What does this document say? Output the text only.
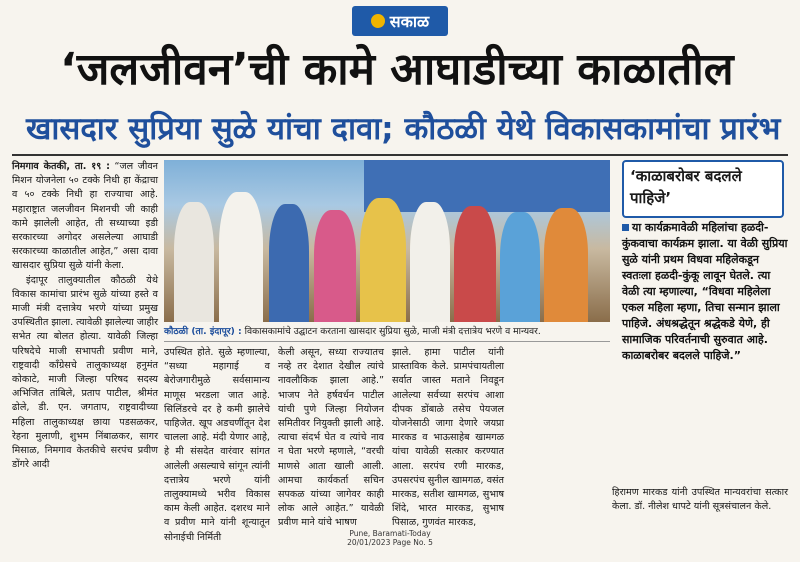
सकाळ
‘जलजीवन’ची कामे आघाडीच्या काळातील
खासदार सुप्रिया सुळे यांचा दावा; कौठळी येथे विकासकामांचा प्रारंभ

निमगाव केतकी, ता. १९ : “जल जीवन मिशन योजनेला ५० टक्के निधी हा केंद्राचा व ५० टक्के निधी हा राज्याचा आहे. महाराष्ट्रात जलजीवन मिशनची जी काही कामे झालेली आहेत, ती सध्याच्या इडी सरकारच्या अगोदर असलेल्या आघाडी सरकारच्या काळातील आहेत,” असा दावा खासदार सुप्रिया सुळे यांनी केला.

इंदापूर तालुक्यातील कौठळी येथे विकास कामांचा प्रारंभ सुळे यांच्या हस्ते व माजी मंत्री दत्तात्रेय भरणे यांच्या प्रमुख उपस्थितीत झाला. त्यावेळी झालेल्या जाहीर सभेत त्या बोलत होत्या. यावेळी जिल्हा परिषदेचे माजी सभापती प्रवीण माने, राष्ट्रवादी काँग्रेसचे तालुकाध्यक्ष हनुमंत कोकाटे, माजी जिल्हा परिषद सदस्य अभिजित तांबिले, प्रताप पाटील, श्रीमंत ढोले, डी. एन. जगताप, राष्ट्रवादीच्या महिला तालुकाध्यक्ष छाया पडसळकर, रेहना मुलाणी, शुभम निंबाळकर, सागर मिसाळ, निमगाव केतकीचे सरपंच प्रवीण डोंगरे आदी

कौठळी (ता. इंदापूर) : विकासकामांचे उद्घाटन करताना खासदार सुप्रिया सुळे, माजी मंत्री दत्तात्रेय भरणे व मान्यवर.

उपस्थित होते. सुळे म्हणाल्या, “सध्या महागाई व बेरोजगारीमुळे सर्वसामान्य माणूस भरडला जात आहे. सिलिंडरचे दर हे कमी झालेचे पाहिजेत. खूप अडचणींतून देश चालला आहे. मंदी येणार आहे, हे मी संसदेत वारंवार सांगत आलेली असल्याचे सांगून त्यांनी दत्तात्रेय भरणे यांनी तालुक्यामध्ये भरीव विकास काम केली आहेत. दशरथ माने व प्रवीण माने यांनी शून्यातून सोनाईची निर्मिती

केली असून, सध्या राज्यातच नव्हे तर देशात देखील त्यांचे नावलौकिक झाला आहे.” भाजप नेते हर्षवर्धन पाटील यांची पुणे जिल्हा नियोजन समितीवर नियुक्ती झाली आहे. त्याचा संदर्भ घेत व त्यांचे नाव न घेता भरणे म्हणाले, “वरची माणसे आता खाली आली. आमचा कार्यकर्ता सचिन सपकळ यांच्या जागेवर काही लोक आले आहेत.” यावेळी प्रवीण माने यांचे भाषण

झाले. हामा पाटील यांनी प्रास्ताविक केले. प्रामपंचायतीला सर्वात जास्त मताने निवडून आलेल्या सर्वच्या सरपंच आशा दीपक डोंबाळे तसेच पेयजल योजनेसाठी जागा देणारे जयप्रा मारकड व भाऊसाहेब खामगळ यांचा यावेळी सत्कार करण्यात आला. सरपंच रणी मारकड, उपसरपंच सुनील खामगळ, वसंत मारकड, सतीश खामगळ, सुभाष शिंदे, भारत मारकड, सुभाष पिसाळ, गुणवंत मारकड,

‘काळाबरोबर बदलले पाहिजे’
या कार्यक्रमावेळी महिलांचा हळदी-कुंकवाचा कार्यक्रम झाला. या वेळी सुप्रिया सुळे यांनी प्रथम विधवा महिलेकडून स्वतःला हळदी-कुंकू लावून घेतले. त्या वेळी त्या म्हणाल्या, “विधवा महिलेला एकल महिला म्हणा, तिचा सन्मान झाला पाहिजे. अंधश्रद्धेतून श्रद्धेकडे येणे, ही सामाजिक परिवर्तनाची सुरुवात आहे. काळाबरोबर बदलले पाहिजे.”
हिरामण मारकड यांनी उपस्थित मान्यवरांचा सत्कार केला. डॉ. नीलेश धापटे यांनी सूत्रसंचालन केले.
Pune, Baramati-Today
20/01/2023 Page No. 5
